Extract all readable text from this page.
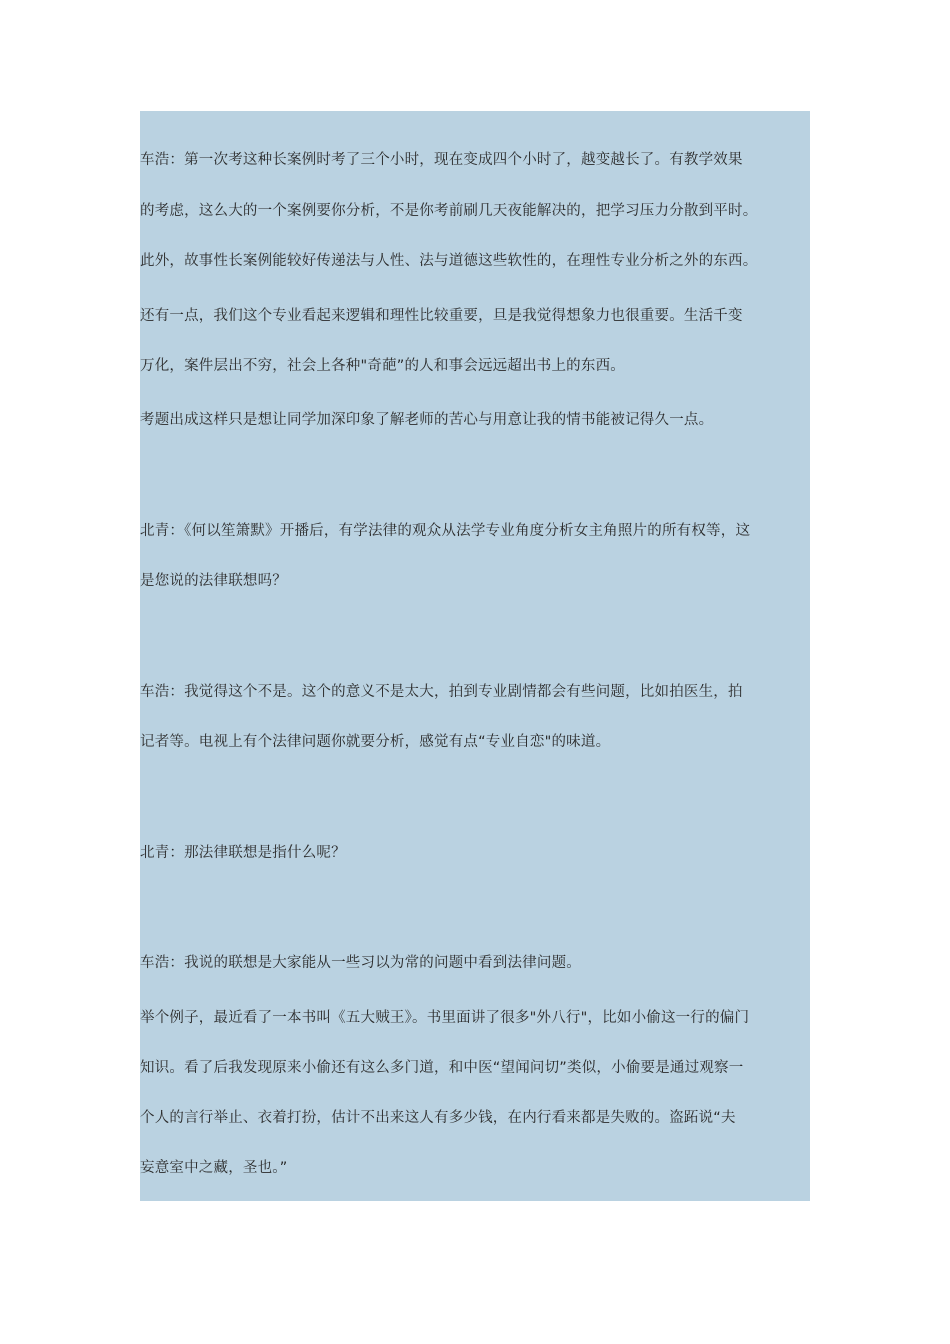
车浩：第一次考这种长案例时考了三个小时，现在变成四个小时了，越变越长了。有教学效果
的考虑，这么大的一个案例要你分析，不是你考前刷几天夜能解决的，把学习压力分散到平时。
此外，故事性长案例能较好传递法与人性、法与道德这些软性的，在理性专业分析之外的东西。
还有一点，我们这个专业看起来逻辑和理性比较重要，旦是我觉得想象力也很重要。生活千变
万化，案件层出不穷，社会上各种"奇葩”的人和事会远远超出书上的东西。
考题出成这样只是想让同学加深印象了解老师的苦心与用意让我的情书能被记得久一点。
北青：《何以笙箫默》开播后，有学法律的观众从法学专业角度分析女主角照片的所有权等，这
是您说的法律联想吗？
车浩：我觉得这个不是。这个的意义不是太大，拍到专业剧情都会有些问题，比如拍医生，拍
记者等。电视上有个法律问题你就要分析，感觉有点“专业自恋"的味道。
北青：那法律联想是指什么呢？
车浩：我说的联想是大家能从一些习以为常的问题中看到法律问题。
举个例子，最近看了一本书叫《五大贼王》。书里面讲了很多"外八行"，比如小偷这一行的偏门
知识。看了后我发现原来小偷还有这么多门道，和中医“望闻问切”类似，小偷要是通过观察一
个人的言行举止、衣着打扮，估计不出来这人有多少钱，在内行看来都是失败的。盗跖说“夫
妄意室中之藏，圣也。”
